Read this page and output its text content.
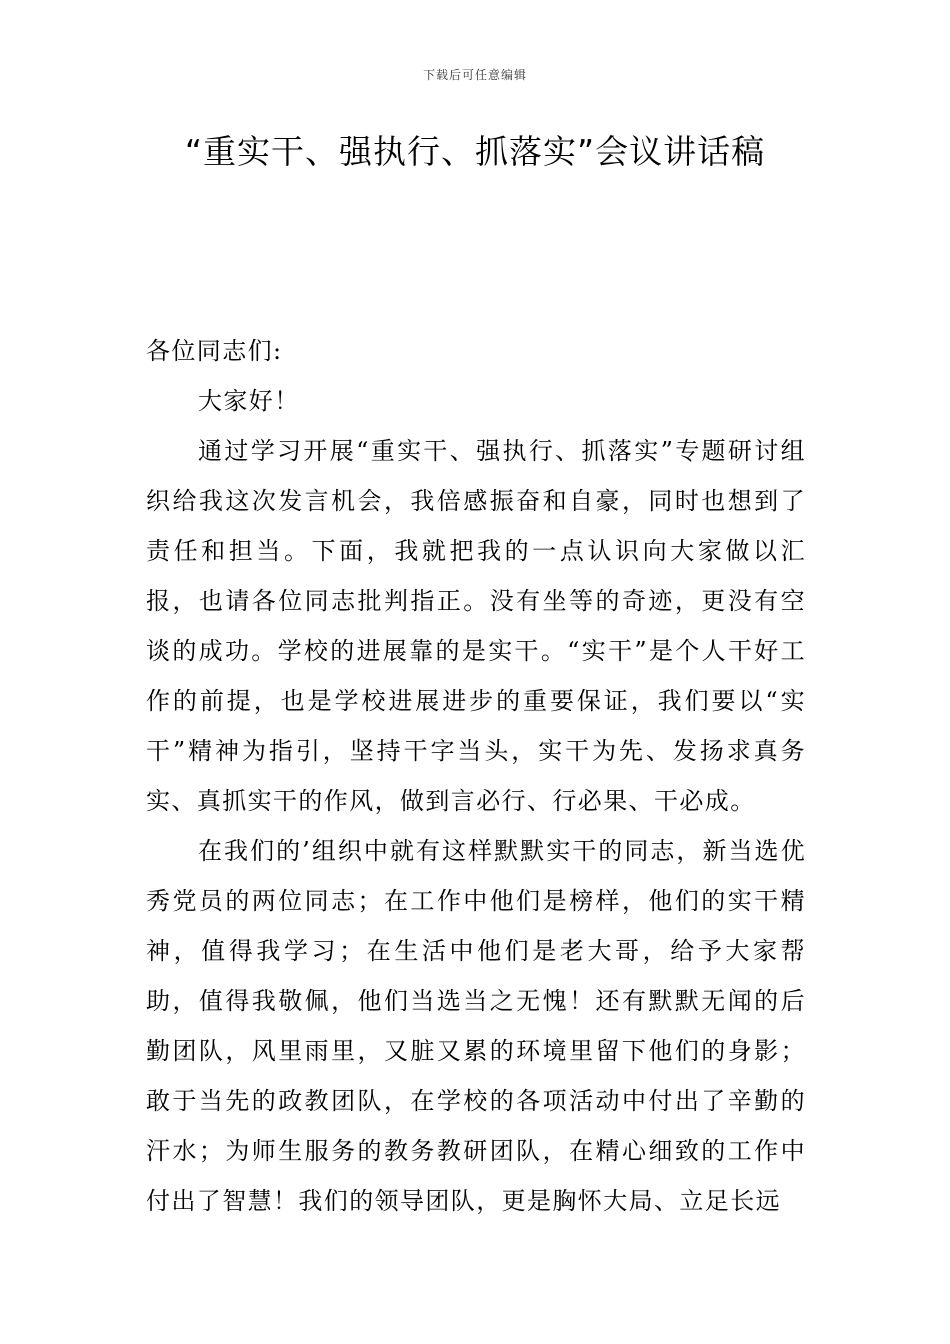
下载后可任意编辑
“重实干、强执行、抓落实”会议讲话稿

各位同志们:

大家好！

通过学习开展“重实干、强执行、抓落实”专题研讨组织给我这次发言机会，我倍感振奋和自豪，同时也想到了责任和担当。下面，我就把我的一点认识向大家做以汇报，也请各位同志批判指正。没有坐等的奇迹，更没有空谈的成功。学校的进展靠的是实干。“实干”是个人干好工作的前提，也是学校进展进步的重要保证，我们要以“实干”精神为指引，坚持干字当头，实干为先、发扬求真务实、真抓实干的作风，做到言必行、行必果、干必成。

在我们的’组织中就有这样默默实干的同志，新当选优秀党员的两位同志；在工作中他们是榜样，他们的实干精神，值得我学习；在生活中他们是老大哥，给予大家帮助，值得我敬佩，他们当选当之无愧！还有默默无闻的后勤团队，风里雨里，又脏又累的环境里留下他们的身影；敢于当先的政教团队，在学校的各项活动中付出了辛勤的汗水；为师生服务的教务教研团队，在精心细致的工作中付出了智慧！我们的领导团队，更是胸怀大局、立足长远
